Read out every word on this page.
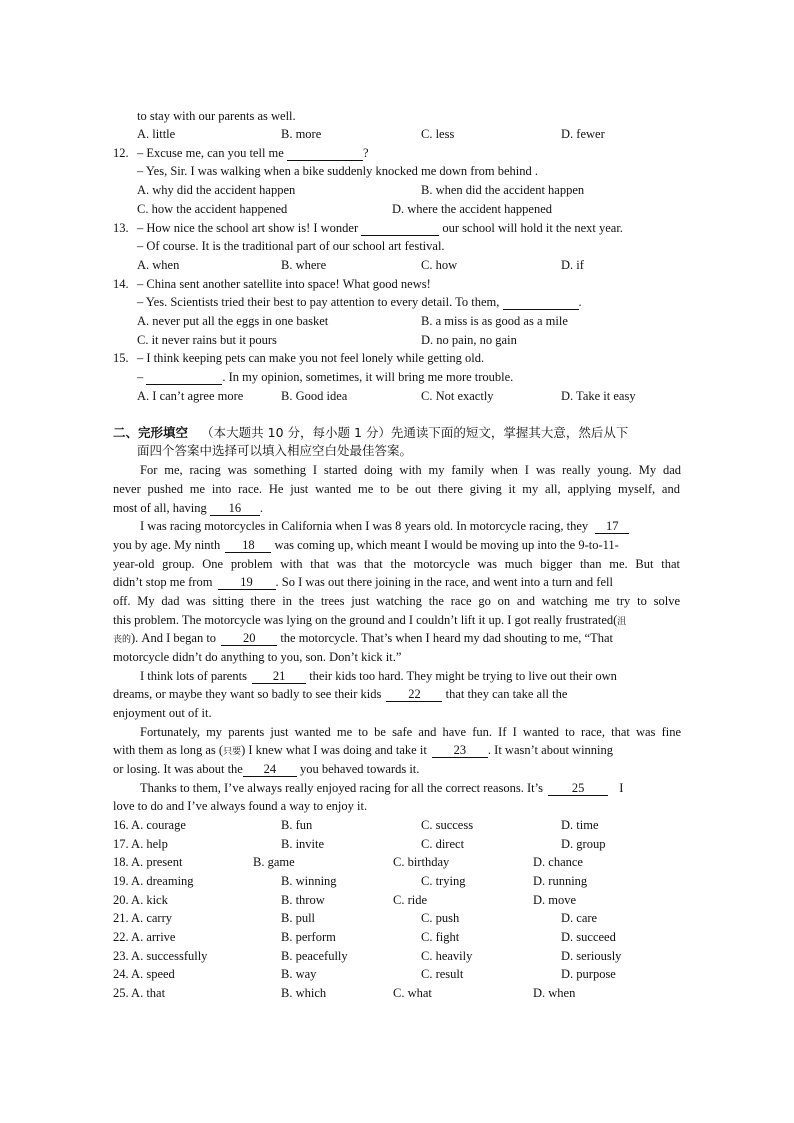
to stay with our parents as well.
A. little	B. more	C. less	D. fewer
12. – Excuse me, can you tell me	?
– Yes, Sir. I was walking when a bike suddenly knocked me down from behind .
A. why did the accident happen	B. when did the accident happen
C. how the accident happened	D. where the accident happened
13. – How nice the school art show is! I wonder	our school will hold it the next year.
– Of course. It is the traditional part of our school art festival.
A. when	B. where	C. how	D. if
14. – China sent another satellite into space! What good news!
– Yes. Scientists tried their best to pay attention to every detail. To them,	.
A. never put all the eggs in one basket	B. a miss is as good as a mile
C. it never rains but it pours	D. no pain, no gain
15. – I think keeping pets can make you not feel lonely while getting old.
–	. In my opinion, sometimes, it will bring me more trouble.
A. I can’t agree more	B. Good idea	C. Not exactly	D. Take it easy
二、完形填空 （本大题共 10 分，每小题 1 分）先通读下面的短文，掌握其大意，然后从下
面四个答案中选择可以填入相应空白处最佳答案。
For me, racing was something I started doing with my family when I was really young. My dad
never pushed me into race. He just wanted me to be out there giving it my all, applying myself, and
most of all, having 16 .
I was racing motorcycles in California when I was 8 years old. In motorcycle racing, they 17
you by age. My ninth 18 was coming up, which meant I would be moving up into the 9-to-11-
year-old group. One problem with that was that the motorcycle was much bigger than me. But that
didn’t stop me from 19 . So I was out there joining in the race, and went into a turn and fell
off. My dad was sitting there in the trees just watching the race go on and watching me try to solve
this problem. The motorcycle was lying on the ground and I couldn’t lift it up. I got really frustrated(沮
丧的). And I began to 20 the motorcycle. That’s when I heard my dad shouting to me, “That
motorcycle didn’t do anything to you, son. Don’t kick it.”
I think lots of parents 21 their kids too hard. They might be trying to live out their own
dreams, or maybe they want so badly to see their kids 22 that they can take all the
enjoyment out of it.
Fortunately, my parents just wanted me to be safe and have fun. If I wanted to race, that was fine
with them as long as (只要) I knew what I was doing and take it 23 . It wasn’t about winning
or losing. It was about the 24 you behaved towards it.
Thanks to them, I’ve always really enjoyed racing for all the correct reasons. It’s 25	I
love to do and I’ve always found a way to enjoy it.
16. A. courage	B. fun	C. success	D. time
17. A. help	B. invite	C. direct	D. group
18. A. present	B. game	C. birthday	D. chance
19. A. dreaming	B. winning	C. trying	D. running
20. A. kick	B. throw	C. ride	D. move
21. A. carry	B. pull	C. push	D. care
22. A. arrive	B. perform	C. fight	D. succeed
23. A. successfully	B. peacefully	C. heavily	D. seriously
24. A. speed	B. way	C. result	D. purpose
25. A. that	B. which	C. what	D. when
